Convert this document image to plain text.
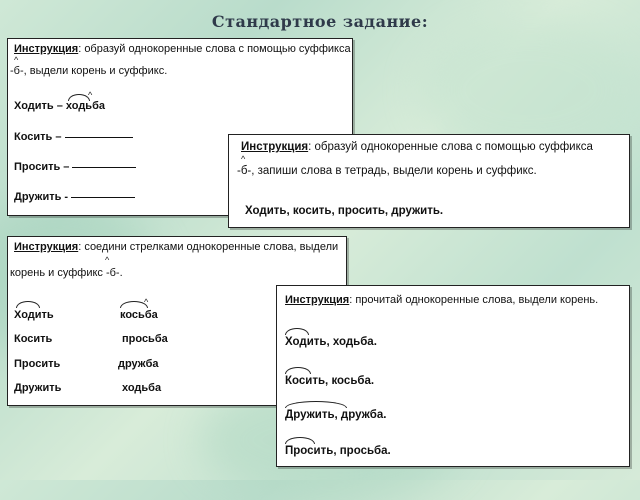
Стандартное задание:
Инструкция: образуй однокоренные слова с помощью суффикса
^
-б-, выдели корень и суффикс.
^
Ходить – ходьба
Косить –
Просить –
Дружить -
Инструкция: образуй однокоренные слова с помощью суффикса
^
-б-, запиши слова в тетрадь, выдели корень и суффикс.
Ходить, косить, просить, дружить.
Инструкция: соедини стрелками однокоренные слова, выдели
^
корень и суффикс -б-.
^
Ходить	косьба
Косить	просьба
Просить	дружба
Дружить	ходьба
Инструкция: прочитай однокоренные слова, выдели корень.
Ходить, ходьба.
Косить, косьба.
Дружить, дружба.
Просить, просьба.
